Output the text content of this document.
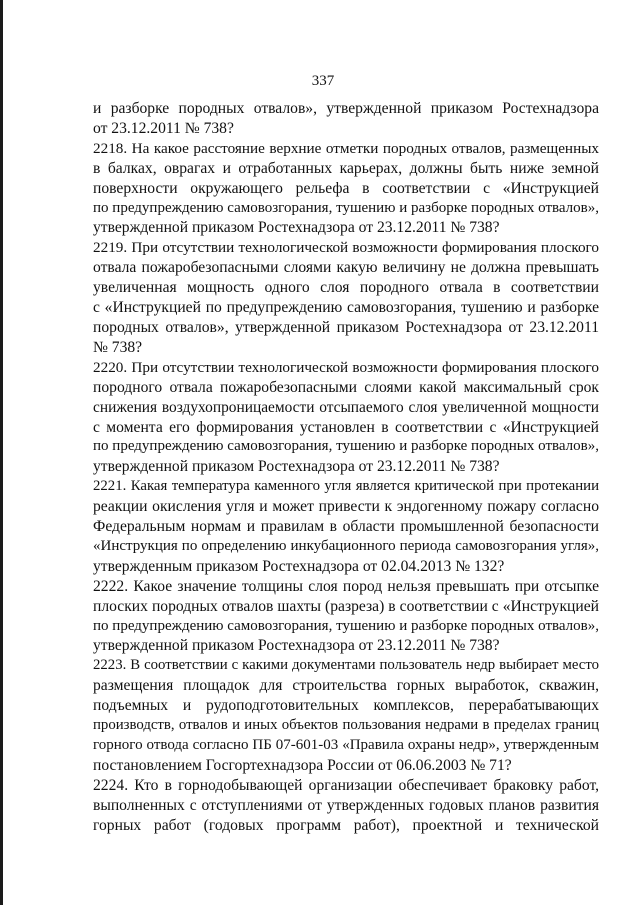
337
и разборке породных отвалов», утвержденной приказом Ростехнадзора
от 23.12.2011 № 738?
2218. На какое расстояние верхние отметки породных отвалов, размещенных
в балках, оврагах и отработанных карьерах, должны быть ниже земной
поверхности окружающего рельефа в соответствии с «Инструкцией
по предупреждению самовозгорания, тушению и разборке породных отвалов»,
утвержденной приказом Ростехнадзора от 23.12.2011 № 738?
2219. При отсутствии технологической возможности формирования плоского
отвала пожаробезопасными слоями какую величину не должна превышать
увеличенная мощность одного слоя породного отвала в соответствии
с «Инструкцией по предупреждению самовозгорания, тушению и разборке
породных отвалов», утвержденной приказом Ростехнадзора от 23.12.2011
№ 738?
2220. При отсутствии технологической возможности формирования плоского
породного отвала пожаробезопасными слоями какой максимальный срок
снижения воздухопроницаемости отсыпаемого слоя увеличенной мощности
с момента его формирования установлен в соответствии с «Инструкцией
по предупреждению самовозгорания, тушению и разборке породных отвалов»,
утвержденной приказом Ростехнадзора от 23.12.2011 № 738?
2221. Какая температура каменного угля является критической при протекании
реакции окисления угля и может привести к эндогенному пожару согласно
Федеральным нормам и правилам в области промышленной безопасности
«Инструкция по определению инкубационного периода самовозгорания угля»,
утвержденным приказом Ростехнадзора от 02.04.2013 № 132?
2222. Какое значение толщины слоя пород нельзя превышать при отсыпке
плоских породных отвалов шахты (разреза) в соответствии с «Инструкцией
по предупреждению самовозгорания, тушению и разборке породных отвалов»,
утвержденной приказом Ростехнадзора от 23.12.2011 № 738?
2223. В соответствии с какими документами пользователь недр выбирает место
размещения площадок для строительства горных выработок, скважин,
подъемных и рудоподготовительных комплексов, перерабатывающих
производств, отвалов и иных объектов пользования недрами в пределах границ
горного отвода согласно ПБ 07-601-03 «Правила охраны недр», утвержденным
постановлением Госгортехнадзора России от 06.06.2003 № 71?
2224. Кто в горнодобывающей организации обеспечивает браковку работ,
выполненных с отступлениями от утвержденных годовых планов развития
горных работ (годовых программ работ), проектной и технической
